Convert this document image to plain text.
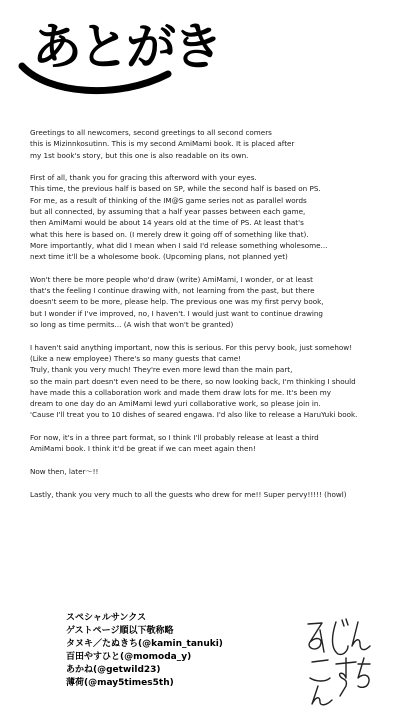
あとがき
Greetings to all newcomers, second greetings to all second comers
this is Mizinnkosutinn. This is my second AmiMami book. It is placed after
my 1st book's story, but this one is also readable on its own.
First of all, thank you for gracing this afterword with your eyes.
This time, the previous half is based on SP, while the second half is based on PS.
For me, as a result of thinking of the IM@S game series not as parallel words
but all connected, by assuming that a half year passes between each game,
then AmiMami would be about 14 years old at the time of PS. At least that's
what this here is based on. (I merely drew it going off of something like that).
More importantly, what did I mean when I said I'd release something wholesome...
next time it'll be a wholesome book. (Upcoming plans, not planned yet)
Won't there be more people who'd draw (write) AmiMami, I wonder, or at least
that's the feeling I continue drawing with, not learning from the past, but there
doesn't seem to be more, please help. The previous one was my first pervy book,
but I wonder if I've improved, no, I haven't. I would just want to continue drawing
so long as time permits... (A wish that won't be granted)
I haven't said anything important, now this is serious. For this pervy book, just somehow!
(Like a new employee) There's so many guests that came!
Truly, thank you very much! They're even more lewd than the main part,
so the main part doesn't even need to be there, so now looking back, I'm thinking I should
have made this a collaboration work and made them draw lots for me. It's been my
dream to one day do an AmiMami lewd yuri collaborative work, so please join in.
'Cause I'll treat you to 10 dishes of seared engawa. I'd also like to release a HaruYuki book.
For now, it's in a three part format, so I think I'll probably release at least a third
AmiMami book. I think it'd be great if we can meet again then!
Now then, later〜!!
Lastly, thank you very much to all the guests who drew for me!! Super pervy!!!!! (howl)
スペシャルサンクス
ゲストページ順以下敬称略
タヌキ／たぬきち(@kamin_tanuki)
百田やすひと(@momoda_y)
あかね(@getwild23)
薄荷(@may5times5th)
